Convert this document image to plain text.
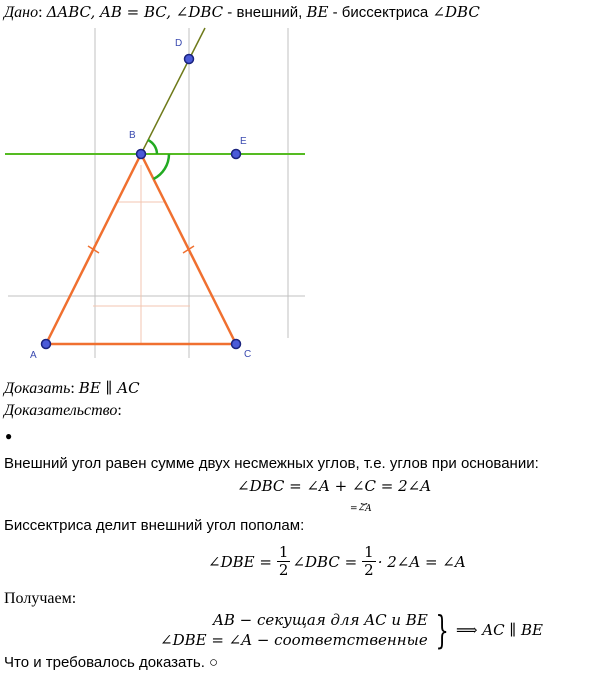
Дано: ΔABC, AB = BC, ∠DBC - внешний, BE - биссектриса ∠DBC
D
B
E
A	C
Доказать: BE ∥ AC
Доказательство:
●
Внешний угол равен сумме двух несмежных углов, т.е. углов при основании:
∠DBC = ∠A + ∠C
⏟
=∠A
= 2∠A
Биссектриса делит внешний угол пополам:
∠DBE = $\frac{1}{2}$ ∠DBC = $\frac{1}{2}$ · 2∠A = ∠A
Получаем:
AB − секущая для AC и BE
∠DBE = ∠A − соответственные } ⟹ AC ∥ BE
Что и требовалось доказать. ○
